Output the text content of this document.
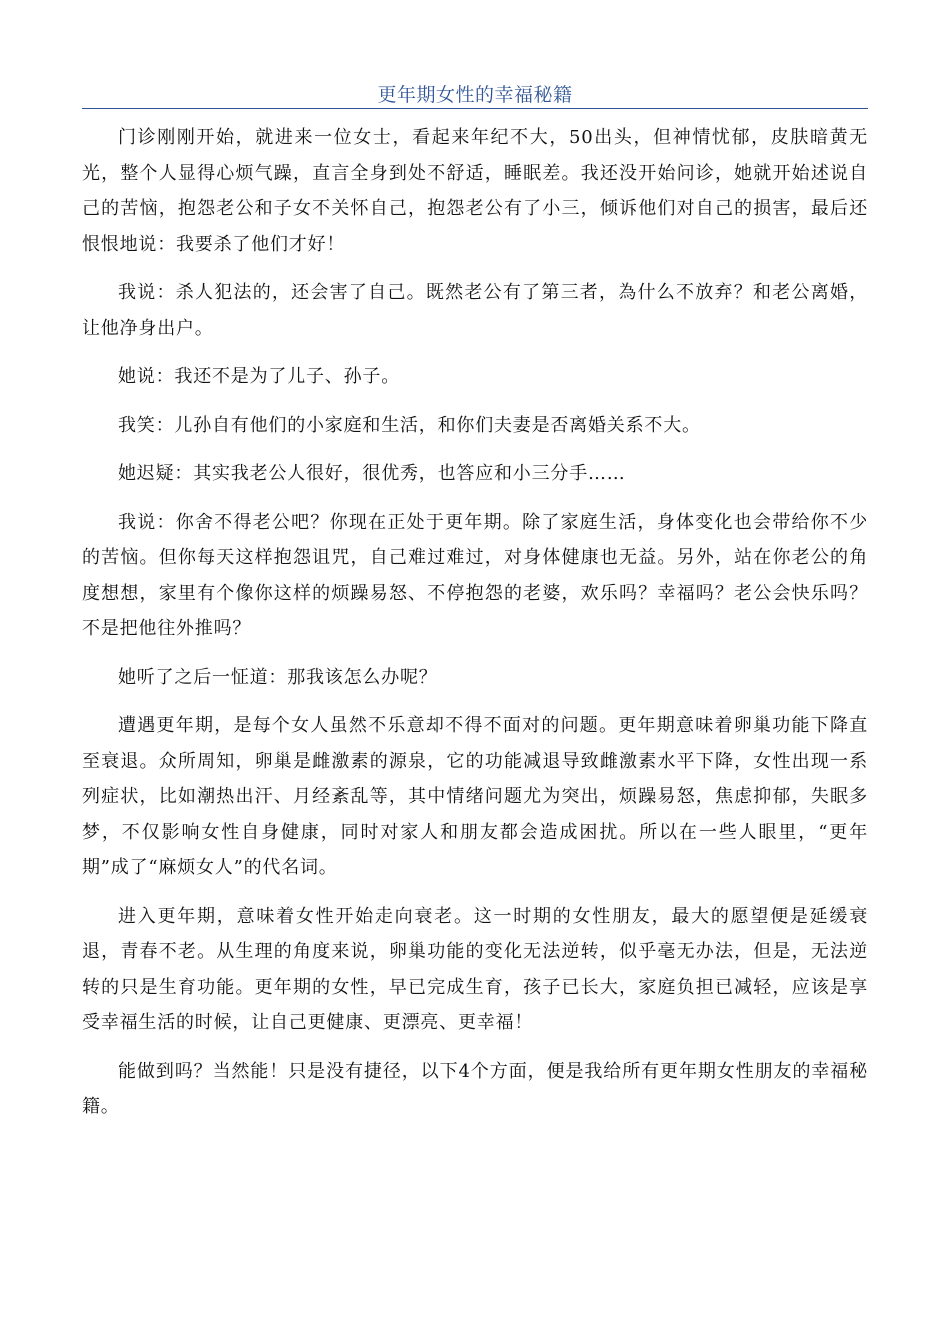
更年期女性的幸福秘籍

门诊刚刚开始，就进来一位女士，看起来年纪不大，50出头，但神情忧郁，皮肤暗黄无光，整个人显得心烦气躁，直言全身到处不舒适，睡眠差。我还没开始问诊，她就开始述说自己的苦恼，抱怨老公和子女不关怀自己，抱怨老公有了小三，倾诉他们对自己的损害，最后还恨恨地说：我要杀了他们才好！

我说：杀人犯法的，还会害了自己。既然老公有了第三者，為什么不放弃？和老公离婚，让他净身出户。

她说：我还不是为了儿子、孙子。

我笑：儿孙自有他们的小家庭和生活，和你们夫妻是否离婚关系不大。

她迟疑：其实我老公人很好，很优秀，也答应和小三分手……

我说：你舍不得老公吧？你现在正处于更年期。除了家庭生活，身体变化也会带给你不少的苦恼。但你每天这样抱怨诅咒，自己难过难过，对身体健康也无益。另外，站在你老公的角度想想，家里有个像你这样的烦躁易怒、不停抱怨的老婆，欢乐吗？幸福吗？老公会快乐吗？不是把他往外推吗？

她听了之后一怔道：那我该怎么办呢？

遭遇更年期，是每个女人虽然不乐意却不得不面对的问题。更年期意味着卵巢功能下降直至衰退。众所周知，卵巢是雌激素的源泉，它的功能减退导致雌激素水平下降，女性出现一系列症状，比如潮热出汗、月经紊乱等，其中情绪问题尤为突出，烦躁易怒，焦虑抑郁，失眠多梦，不仅影响女性自身健康，同时对家人和朋友都会造成困扰。所以在一些人眼里，“更年期”成了“麻烦女人”的代名词。

进入更年期，意味着女性开始走向衰老。这一时期的女性朋友，最大的愿望便是延缓衰退，青春不老。从生理的角度来说，卵巢功能的变化无法逆转，似乎毫无办法，但是，无法逆转的只是生育功能。更年期的女性，早已完成生育，孩子已长大，家庭负担已减轻，应该是享受幸福生活的时候，让自己更健康、更漂亮、更幸福！

能做到吗？当然能！只是没有捷径，以下4个方面，便是我给所有更年期女性朋友的幸福秘籍。
